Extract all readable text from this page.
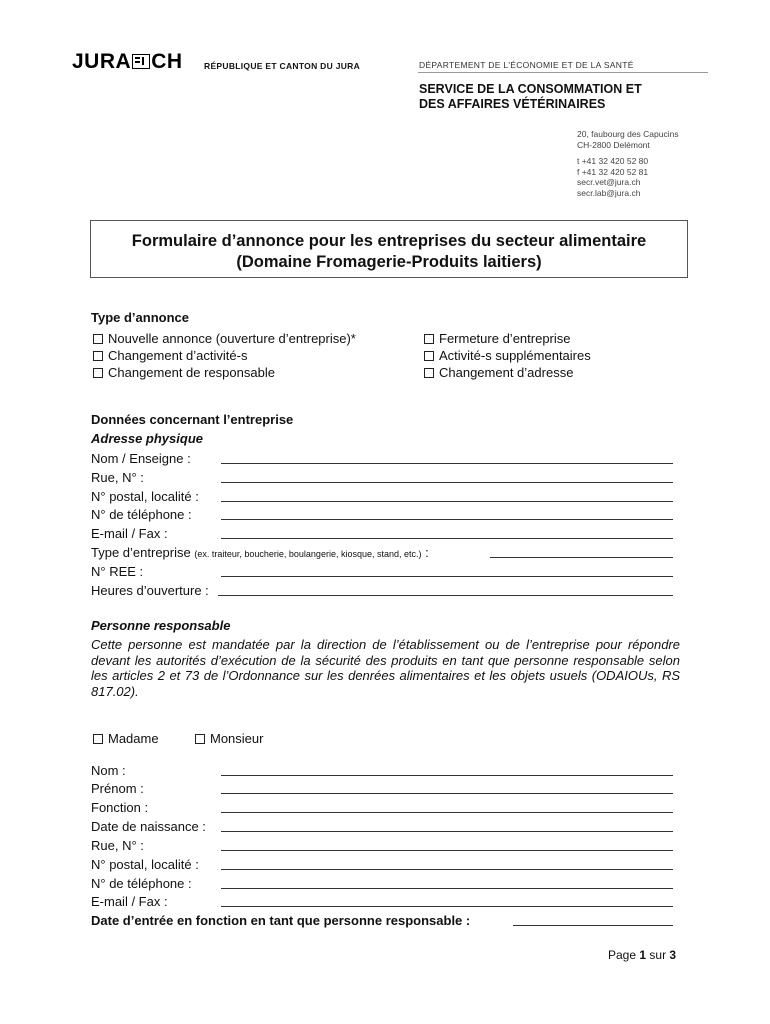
JURA CH	RÉPUBLIQUE ET CANTON DU JURA	DÉPARTEMENT DE L'ÉCONOMIE ET DE LA SANTÉ
SERVICE DE LA CONSOMMATION ET
DES AFFAIRES VÉTÉRINAIRES
20, faubourg des Capucins
CH-2800 Delémont
t +41 32 420 52 80
f +41 32 420 52 81
secr.vet@jura.ch
secr.lab@jura.ch
Formulaire d’annonce pour les entreprises du secteur alimentaire
(Domaine Fromagerie-Produits laitiers)
Type d’annonce
Nouvelle annonce (ouverture d’entreprise)*
Changement d’activité-s
Changement de responsable
Fermeture d’entreprise
Activité-s supplémentaires
Changement d’adresse
Données concernant l’entreprise
Adresse physique
Nom / Enseigne :
Rue, N° :
N° postal, localité :
N° de téléphone :
E-mail / Fax :
Type d’entreprise (ex. traiteur, boucherie, boulangerie, kiosque, stand, etc.) :
N° REE :
Heures d’ouverture :
Personne responsable
Cette personne est mandatée par la direction de l’établissement ou de l’entreprise pour répondre devant les autorités d’exécution de la sécurité des produits en tant que personne responsable selon les articles 2 et 73 de l’Ordonnance sur les denrées alimentaires et les objets usuels (ODAIOUs, RS 817.02).
Madame	Monsieur
Nom :
Prénom :
Fonction :
Date de naissance :
Rue, N° :
N° postal, localité :
N° de téléphone :
E-mail / Fax :
Date d’entrée en fonction en tant que personne responsable :
Page 1 sur 3
